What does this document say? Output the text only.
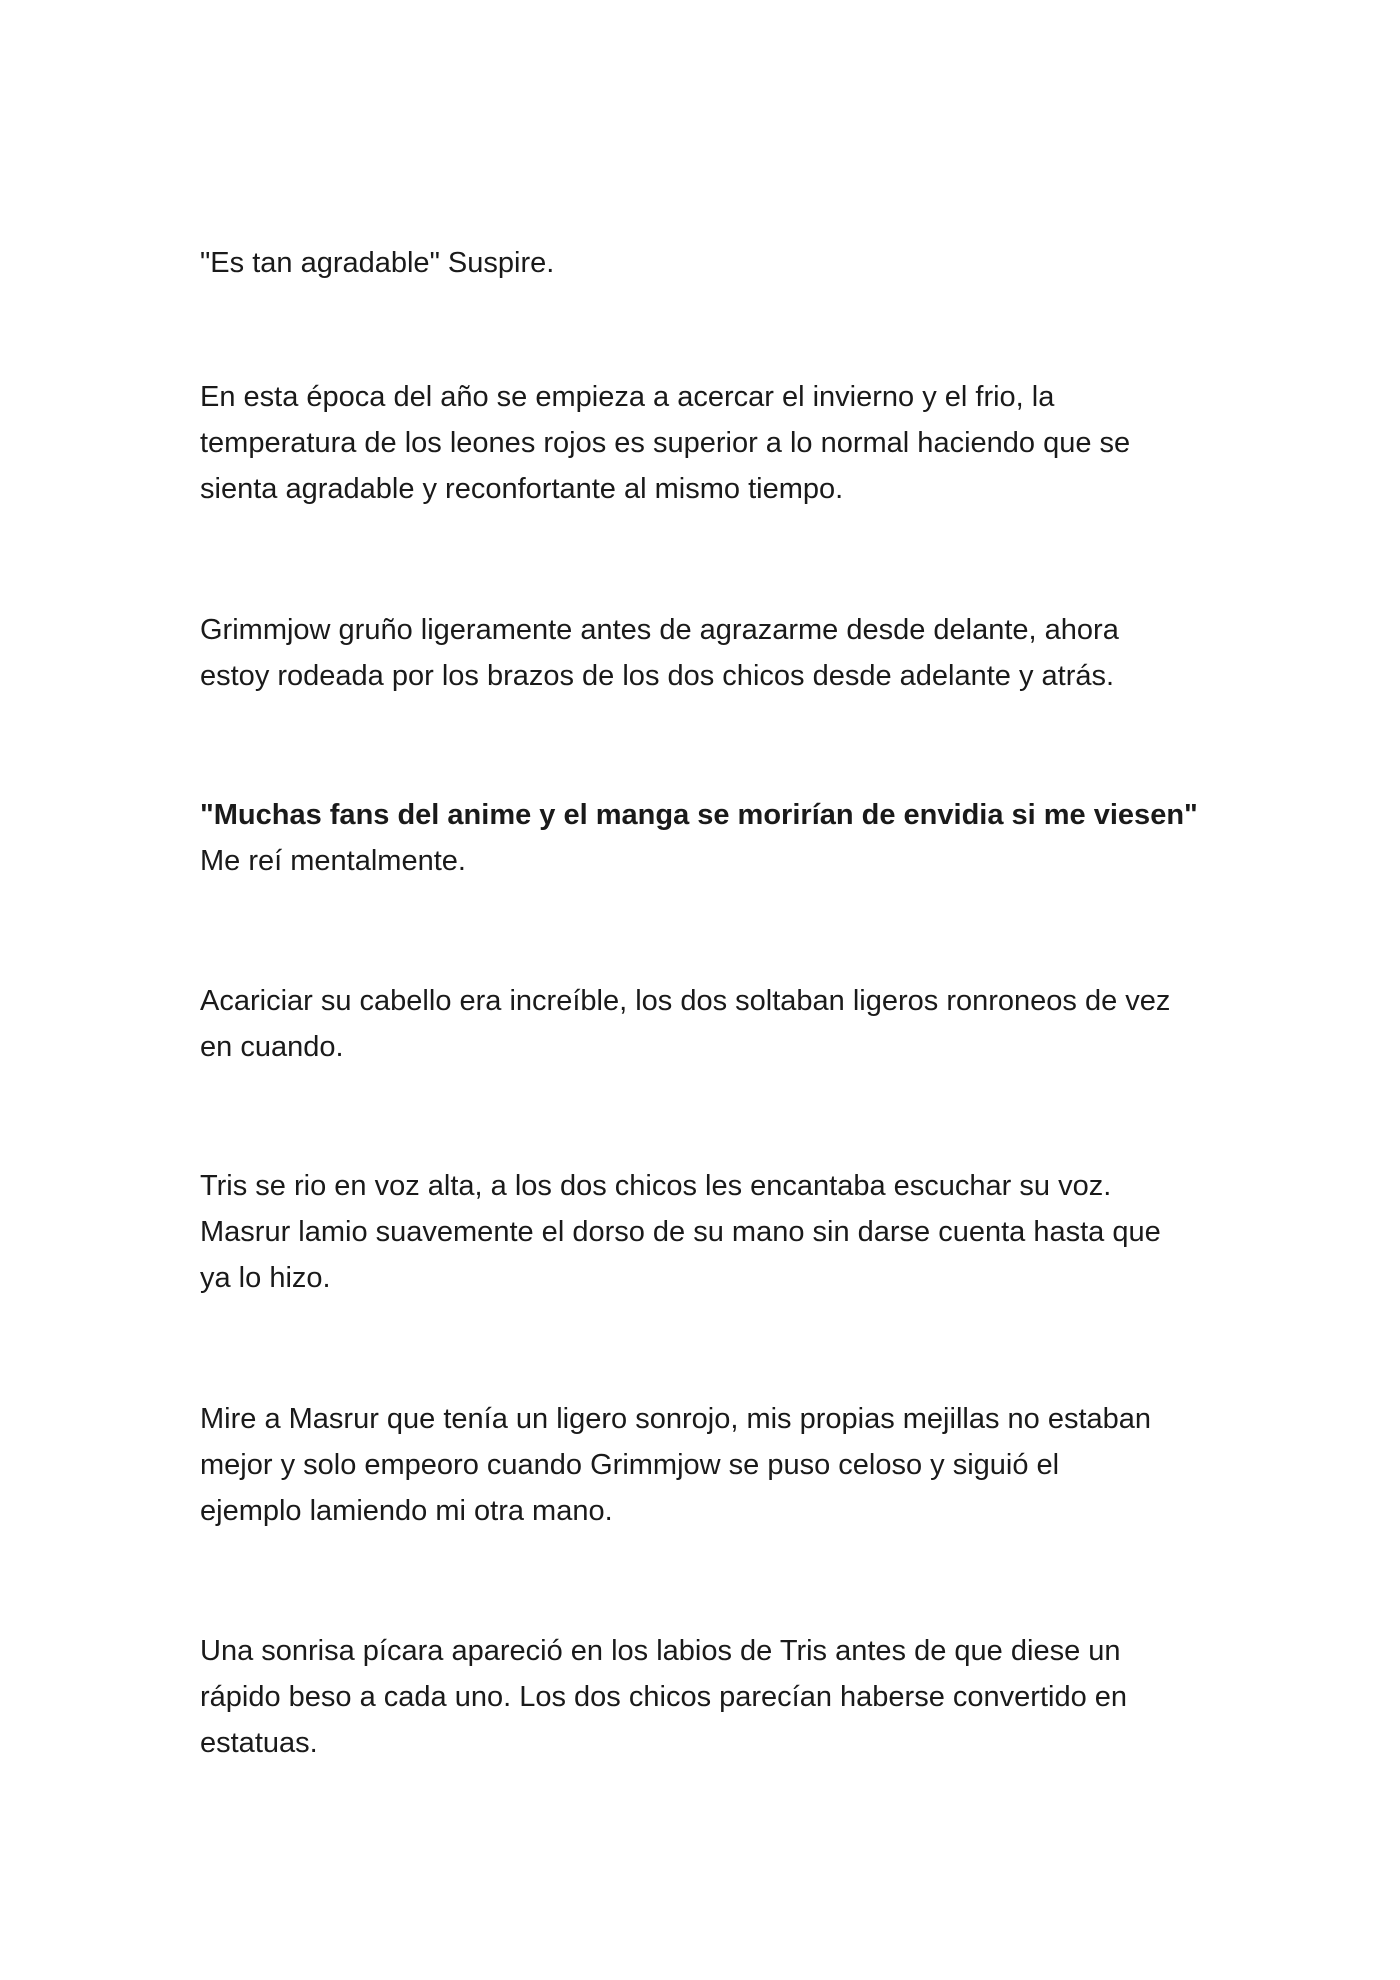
"Es tan agradable" Suspire.

En esta época del año se empieza a acercar el invierno y el frio, la
temperatura de los leones rojos es superior a lo normal haciendo que se
sienta agradable y reconfortante al mismo tiempo.

Grimmjow gruño ligeramente antes de agrazarme desde delante, ahora
estoy rodeada por los brazos de los dos chicos desde adelante y atrás.

"Muchas fans del anime y el manga se morirían de envidia si me viesen"
Me reí mentalmente.

Acariciar su cabello era increíble, los dos soltaban ligeros ronroneos de vez
en cuando.

Tris se rio en voz alta, a los dos chicos les encantaba escuchar su voz.
Masrur lamio suavemente el dorso de su mano sin darse cuenta hasta que
ya lo hizo.

Mire a Masrur que tenía un ligero sonrojo, mis propias mejillas no estaban
mejor y solo empeoro cuando Grimmjow se puso celoso y siguió el
ejemplo lamiendo mi otra mano.

Una sonrisa pícara apareció en los labios de Tris antes de que diese un
rápido beso a cada uno. Los dos chicos parecían haberse convertido en
estatuas.
